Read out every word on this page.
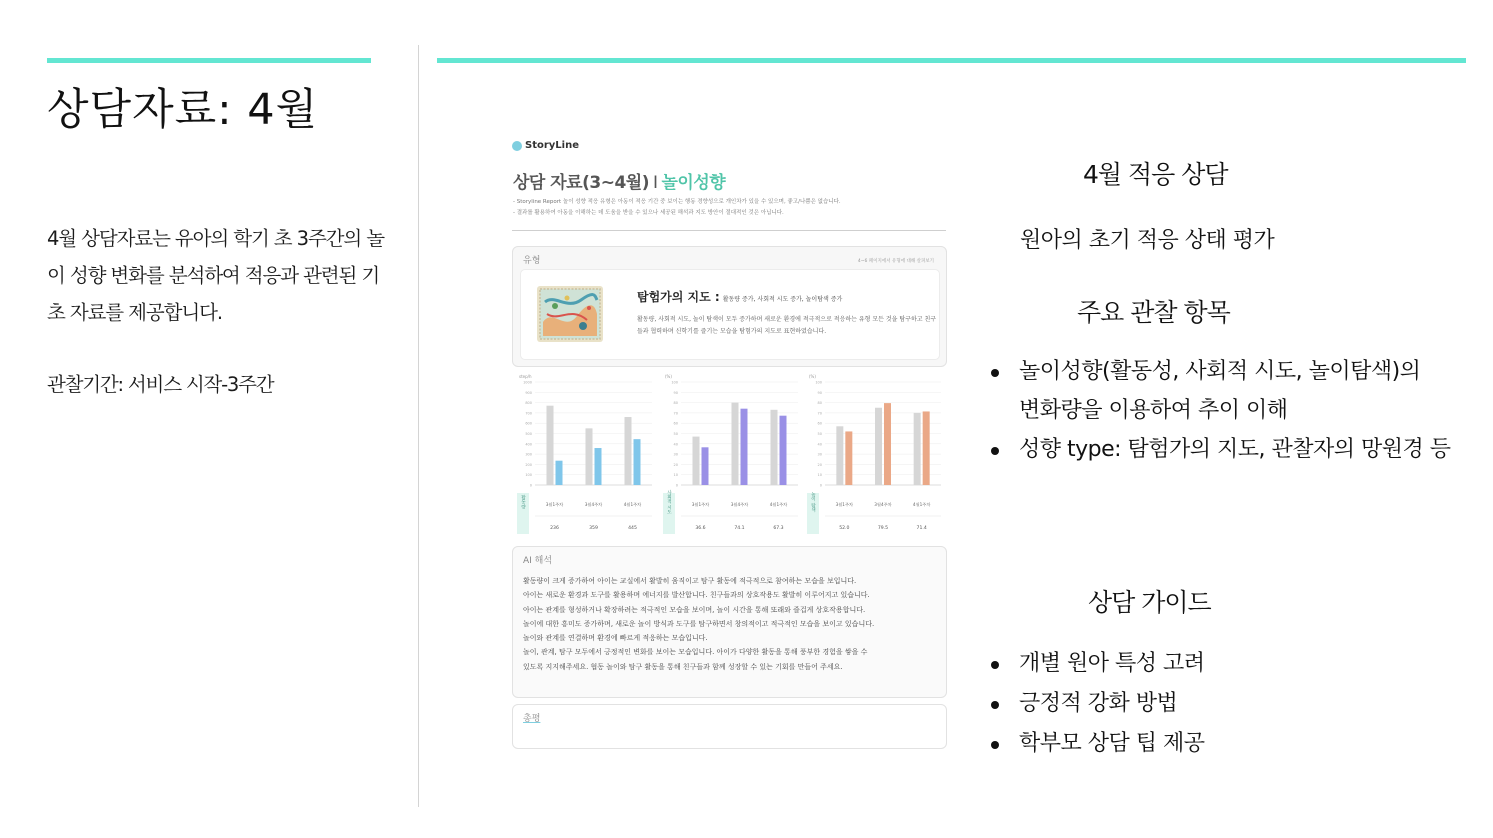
상담자료: 4월

4월 상담자료는 유아의 학기 초 3주간의 놀이 성향 변화를 분석하여 적응과 관련된 기초 자료를 제공합니다.

관찰기간: 서비스 시작-3주간

StoryLine
상담 자료(3~4월) I 놀이성향
- Storyline Report 놀이 성향 적응 유형은 아동이 적응 기간 중 보이는 행동 경향성으로 개인차가 있을 수 있으며, 좋고/나쁨은 없습니다.
- 결과를 활용하여 아동을 이해하는 데 도움을 받을 수 있으나 세공된 해석과 지도 방안이 절대적인 것은 아닙니다.
유형	4~6 페이지에서 유형에 대해 살펴보기
탐험가의 지도 : 활동량 증가, 사회적 시도 증가, 놀이탐색 증가
활동량, 사회적 시도, 놀이 탐색이 모두 증가하며 새로운 환경에 적극적으로 적응하는 유형 모든 것을 탐구하고 친구들과 협력하며 신학기를 즐기는 모습을 탐험가의 지도로 표현하였습니다.
step/h
0
100
200
300
400
500
600
700
800
900
1000
3월1주차
236
3월4주차
359
4월1주차
445
활동량
(%)
0
10
20
30
40
50
60
70
80
90
100
3월1주차
36.6
3월4주차
74.1
4월1주차
67.3
사회적 시도
(%)
0
10
20
30
40
50
60
70
80
90
100
3월1주차
52.0
3월4주차
79.5
4월1주차
71.4
놀이 탐색
AI 해석

활동량이 크게 증가하여 아이는 교실에서 활발히 움직이고 탐구 활동에 적극적으로 참여하는 모습을 보입니다.

아이는 새로운 환경과 도구를 활용하며 에너지를 발산합니다. 친구들과의 상호작용도 활발히 이루어지고 있습니다.

아이는 관계를 형성하거나 확장하려는 적극적인 모습을 보이며, 놀이 시간을 통해 또래와 즐겁게 상호작용합니다.

놀이에 대한 흥미도 증가하며, 새로운 놀이 방식과 도구를 탐구하면서 창의적이고 적극적인 모습을 보이고 있습니다.

놀이와 관계를 연결하며 환경에 빠르게 적응하는 모습입니다.

놀이, 관계, 탐구 모두에서 긍정적인 변화를 보이는 모습입니다. 아이가 다양한 활동을 통해 풍부한 경험을 쌓을 수

있도록 지지해주세요. 협동 놀이와 탐구 활동을 통해 친구들과 함께 성장할 수 있는 기회를 만들어 주세요.

총평
4월 적응 상담
원아의 초기 적응 상태 평가
주요 관찰 항목
놀이성향(활동성, 사회적 시도, 놀이탐색)의
변화량을 이용하여 추이 이해
성향 type: 탐험가의 지도, 관찰자의 망원경 등
상담 가이드
개별 원아 특성 고려
긍정적 강화 방법
학부모 상담 팁 제공
